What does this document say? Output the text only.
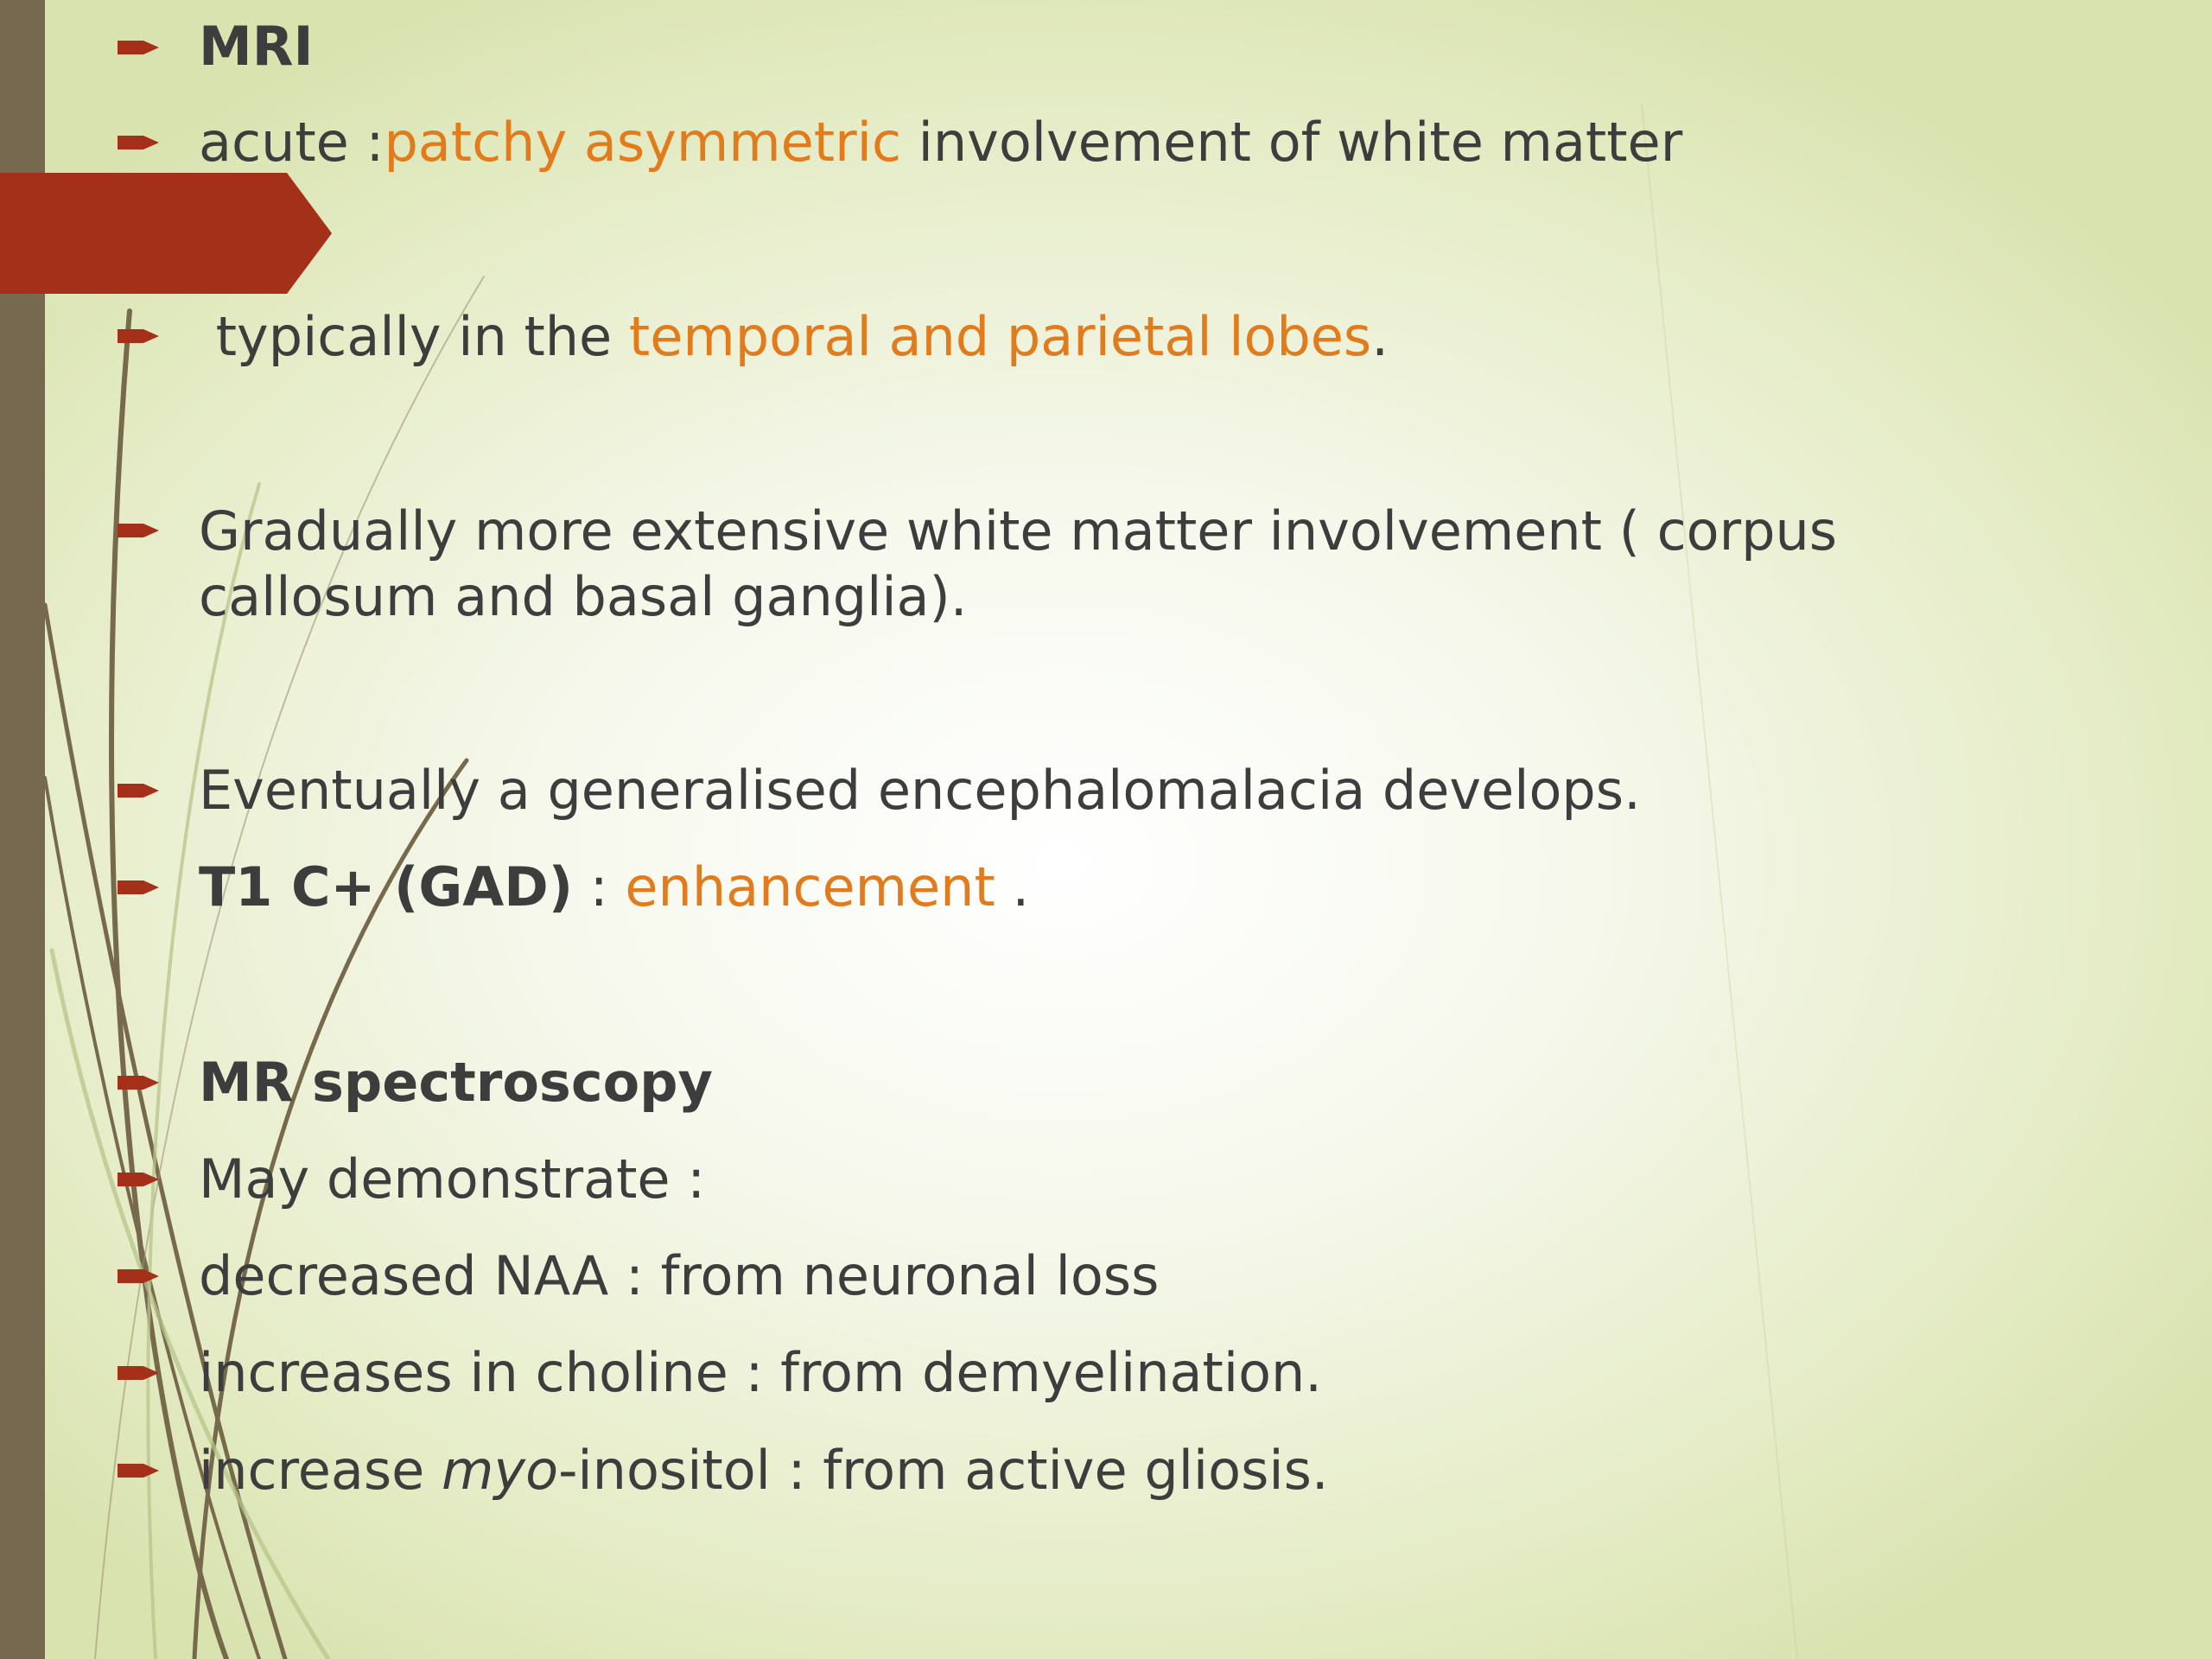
MRI
acute :patchy asymmetric involvement of white matter
typically in the temporal and parietal lobes.
Gradually more extensive white matter involvement ( corpus
callosum and basal ganglia).
Eventually a generalised encephalomalacia develops.
T1 C+ (GAD) : enhancement .
MR spectroscopy
May demonstrate :
decreased NAA : from neuronal loss
increases in choline : from demyelination.
increase myo-inositol : from active gliosis.
